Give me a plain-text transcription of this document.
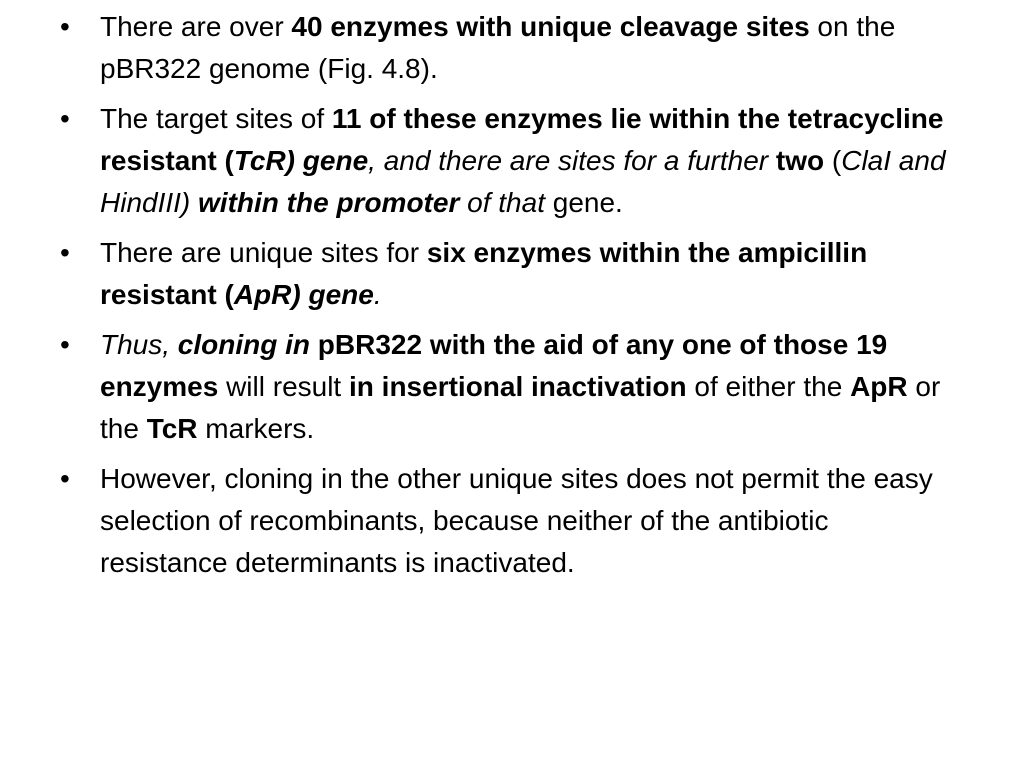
•	There are over 40 enzymes with unique cleavage sites on the pBR322 genome (Fig. 4.8).
•	The target sites of 11 of these enzymes lie within the tetracycline resistant (TcR) gene, and there are sites for a further two (ClaI and HindIII) within the promoter of that gene.
•	There are unique sites for six enzymes within the ampicillin resistant (ApR) gene.
•	Thus, cloning in pBR322 with the aid of any one of those 19 enzymes will result in insertional inactivation of either the ApR or the TcR markers.
•	However, cloning in the other unique sites does not permit the easy selection of recombinants, because neither of the antibiotic resistance determinants is inactivated.
